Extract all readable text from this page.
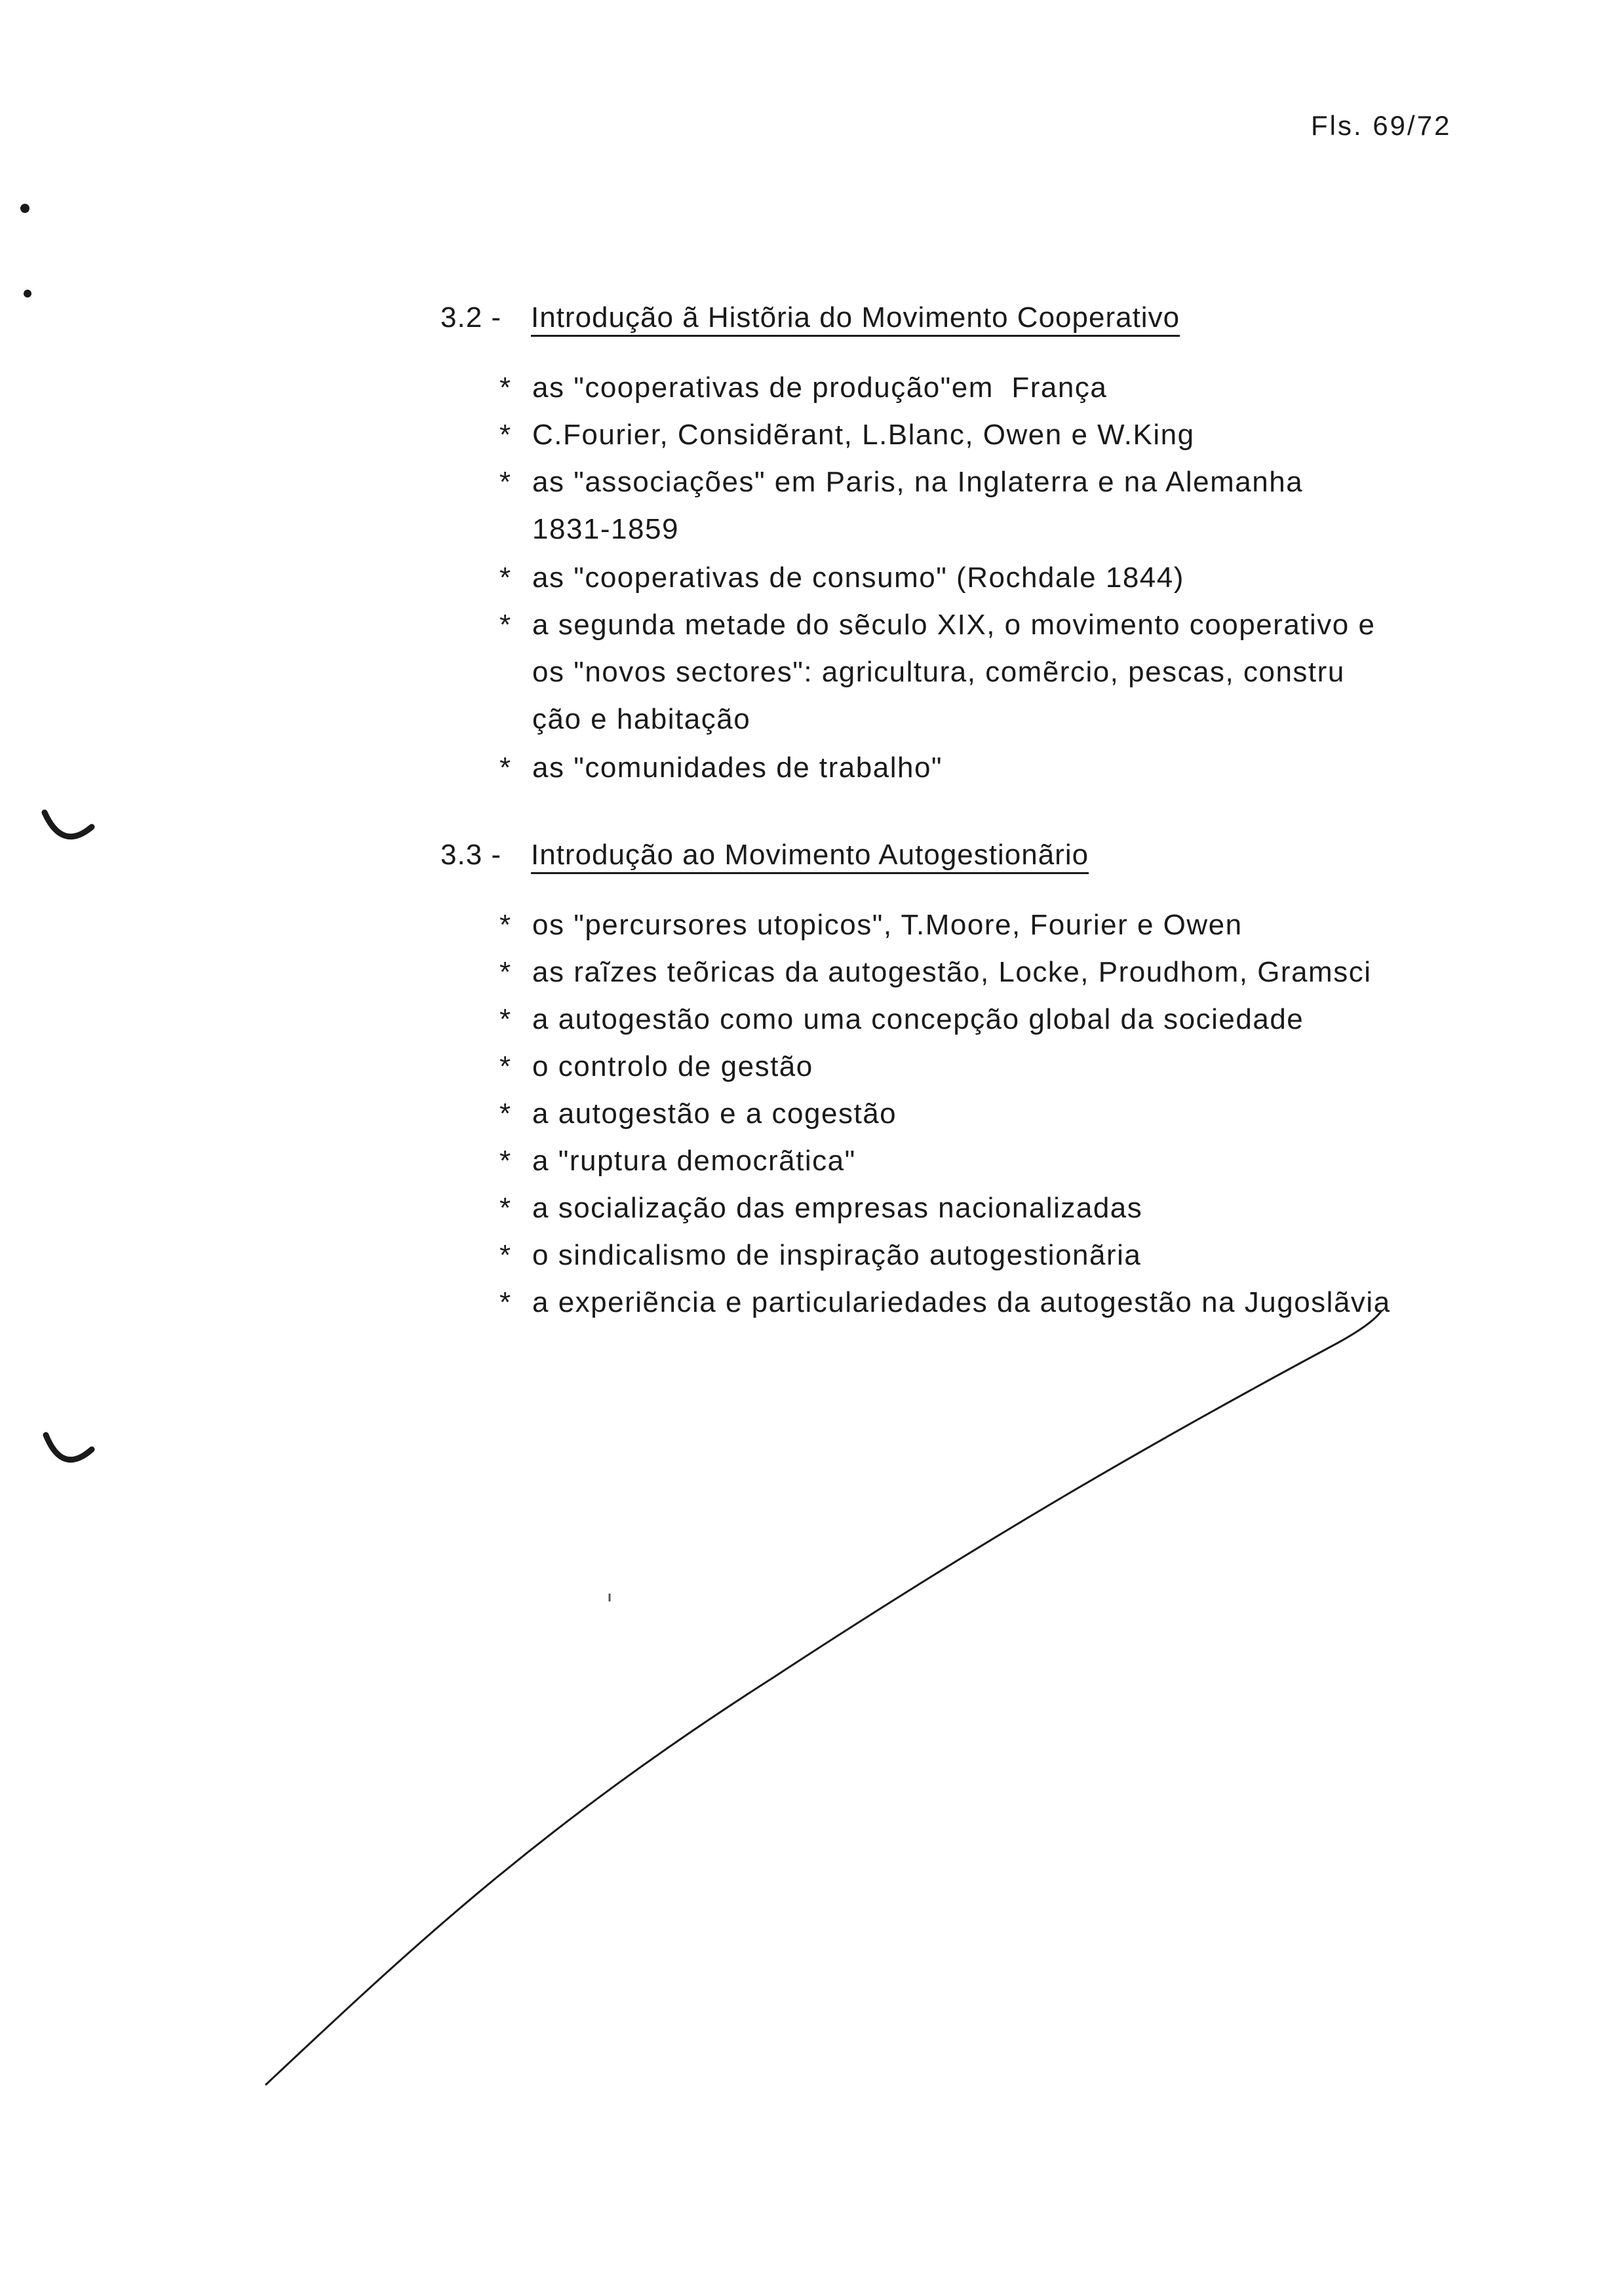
Fls. 69/72
3.2 - Introdução ã Histõria do Movimento Cooperativo
* as "cooperativas de produção"em  França
* C.Fourier, Considẽrant, L.Blanc, Owen e W.King
* as "associações" em Paris, na Inglaterra e na Alemanha
1831-1859
* as "cooperativas de consumo" (Rochdale 1844)
* a segunda metade do sẽculo XIX, o movimento cooperativo e
os "novos sectores": agricultura, comẽrcio, pescas, constru
ção e habitação
* as "comunidades de trabalho"
3.3 - Introdução ao Movimento Autogestionãrio
* os "percursores utopicos", T.Moore, Fourier e Owen
* as raĩzes teõricas da autogestão, Locke, Proudhom, Gramsci
* a autogestão como uma concepção global da sociedade
* o controlo de gestão
* a autogestão e a cogestão
* a "ruptura democrãtica"
* a socialização das empresas nacionalizadas
* o sindicalismo de inspiração autogestionãria
* a experiẽncia e particulariedades da autogestão na Jugoslãvia
